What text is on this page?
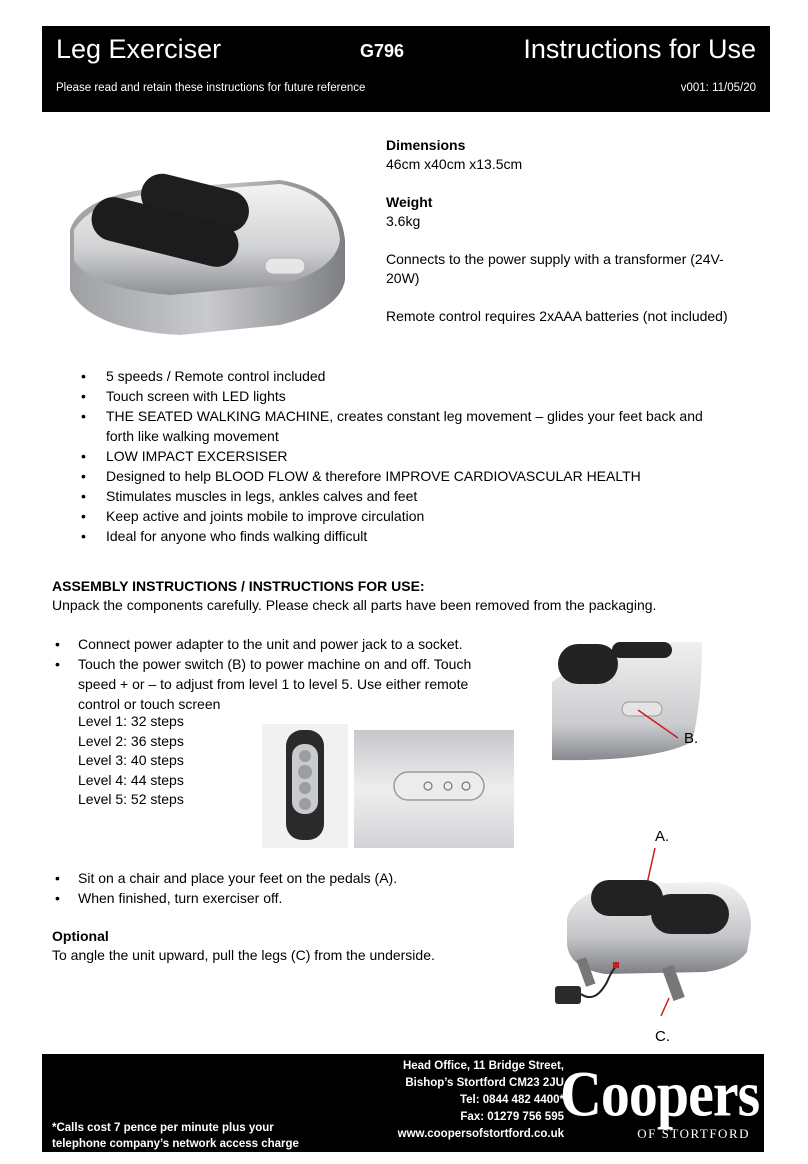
Leg Exerciser	G796	Instructions for Use
Please read and retain these instructions for future reference	v001: 11/05/20

Dimensions

46cm x40cm x13.5cm

Weight

3.6kg

Connects to the power supply with a transformer (24V-20W)

Remote control requires 2xAAA batteries (not included)

• 5 speeds / Remote control included
• Touch screen with LED lights
• THE SEATED WALKING MACHINE, creates constant leg movement – glides your feet back and forth like walking movement
• LOW IMPACT EXCERSISER
• Designed to help BLOOD FLOW & therefore IMPROVE CARDIOVASCULAR HEALTH
• Stimulates muscles in legs, ankles calves and feet
• Keep active and joints mobile to improve circulation
• Ideal for anyone who finds walking difficult
ASSEMBLY INSTRUCTIONS / INSTRUCTIONS FOR USE:
Unpack the components carefully. Please check all parts have been removed from the packaging.
• Connect power adapter to the unit and power jack to a socket.
• Touch the power switch (B) to power machine on and off. Touch speed + or – to adjust from level 1 to level 5. Use either remote control or touch screen
Level 1: 32 steps
Level 2: 36 steps
Level 3: 40 steps
Level 4: 44 steps
Level 5: 52 steps
B.
• Sit on a chair and place your feet on the pedals (A).
• When finished, turn exerciser off.
Optional
To angle the unit upward, pull the legs (C) from the underside.
A.
C.
Head Office, 11 Bridge Street,
Bishop’s Stortford CM23 2JU
Tel: 0844 482 4400*
Fax: 01279 756 595
www.coopersofstortford.co.uk
*Calls cost 7 pence per minute plus your
telephone company’s network access charge
Coopers
OF STORTFORD
